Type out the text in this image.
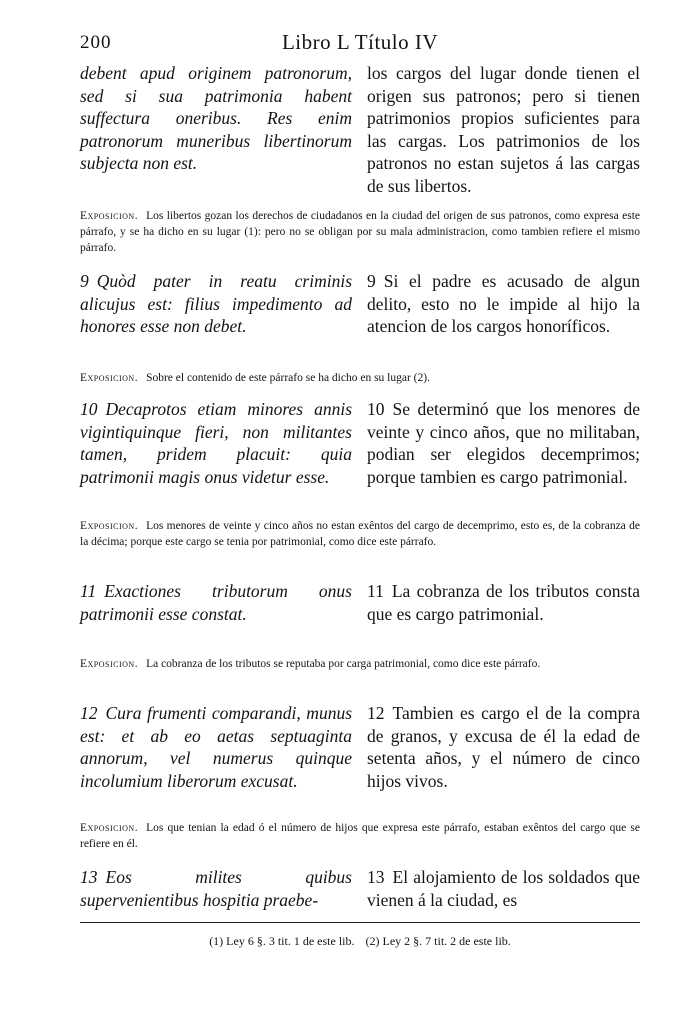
200	Libro L Título IV
debent apud originem patronorum, sed si sua patrimonia habent suffectura oneribus. Res enim patronorum muneribus libertinorum subjecta non est.
los cargos del lugar donde tienen el origen sus patronos; pero si tienen patrimonios propios suficientes para las cargas. Los patrimonios de los patronos no estan sujetos á las cargas de sus libertos.
Exposicion. Los libertos gozan los derechos de ciudadanos en la ciudad del origen de sus patronos, como expresa este párrafo, y se ha dicho en su lugar (1): pero no se obligan por su mala administracion, como tambien refiere el mismo párrafo.
9 Quòd pater in reatu criminis alicujus est: filius impedimento ad honores esse non debet.
9 Si el padre es acusado de algun delito, esto no le impide al hijo la atencion de los cargos honoríficos.
Exposicion. Sobre el contenido de este párrafo se ha dicho en su lugar (2).
10 Decaprotos etiam minores annis vigintiquinque fieri, non militantes tamen, pridem placuit: quia patrimonii magis onus videtur esse.
10 Se determinó que los menores de veinte y cinco años, que no militaban, podian ser elegidos decemprimos; porque tambien es cargo patrimonial.
Exposicion. Los menores de veinte y cinco años no estan exêntos del cargo de decemprimo, esto es, de la cobranza de la décima; porque este cargo se tenia por patrimonial, como dice este párrafo.
11 Exactiones tributorum onus patrimonii esse constat.
11 La cobranza de los tributos consta que es cargo patrimonial.
Exposicion. La cobranza de los tributos se reputaba por carga patrimonial, como dice este párrafo.
12 Cura frumenti comparandi, munus est: et ab eo aetas septuaginta annorum, vel numerus quinque incolumium liberorum excusat.
12 Tambien es cargo el de la compra de granos, y excusa de él la edad de setenta años, y el número de cinco hijos vivos.
Exposicion. Los que tenian la edad ó el número de hijos que expresa este párrafo, estaban exêntos del cargo que se refiere en él.
13 Eos milites quibus supervenientibus hospitia praebe-
13 El alojamiento de los soldados que vienen á la ciudad, es
(1) Ley 6 §. 3 tit. 1 de este lib. (2) Ley 2 §. 7 tit. 2 de este lib.
